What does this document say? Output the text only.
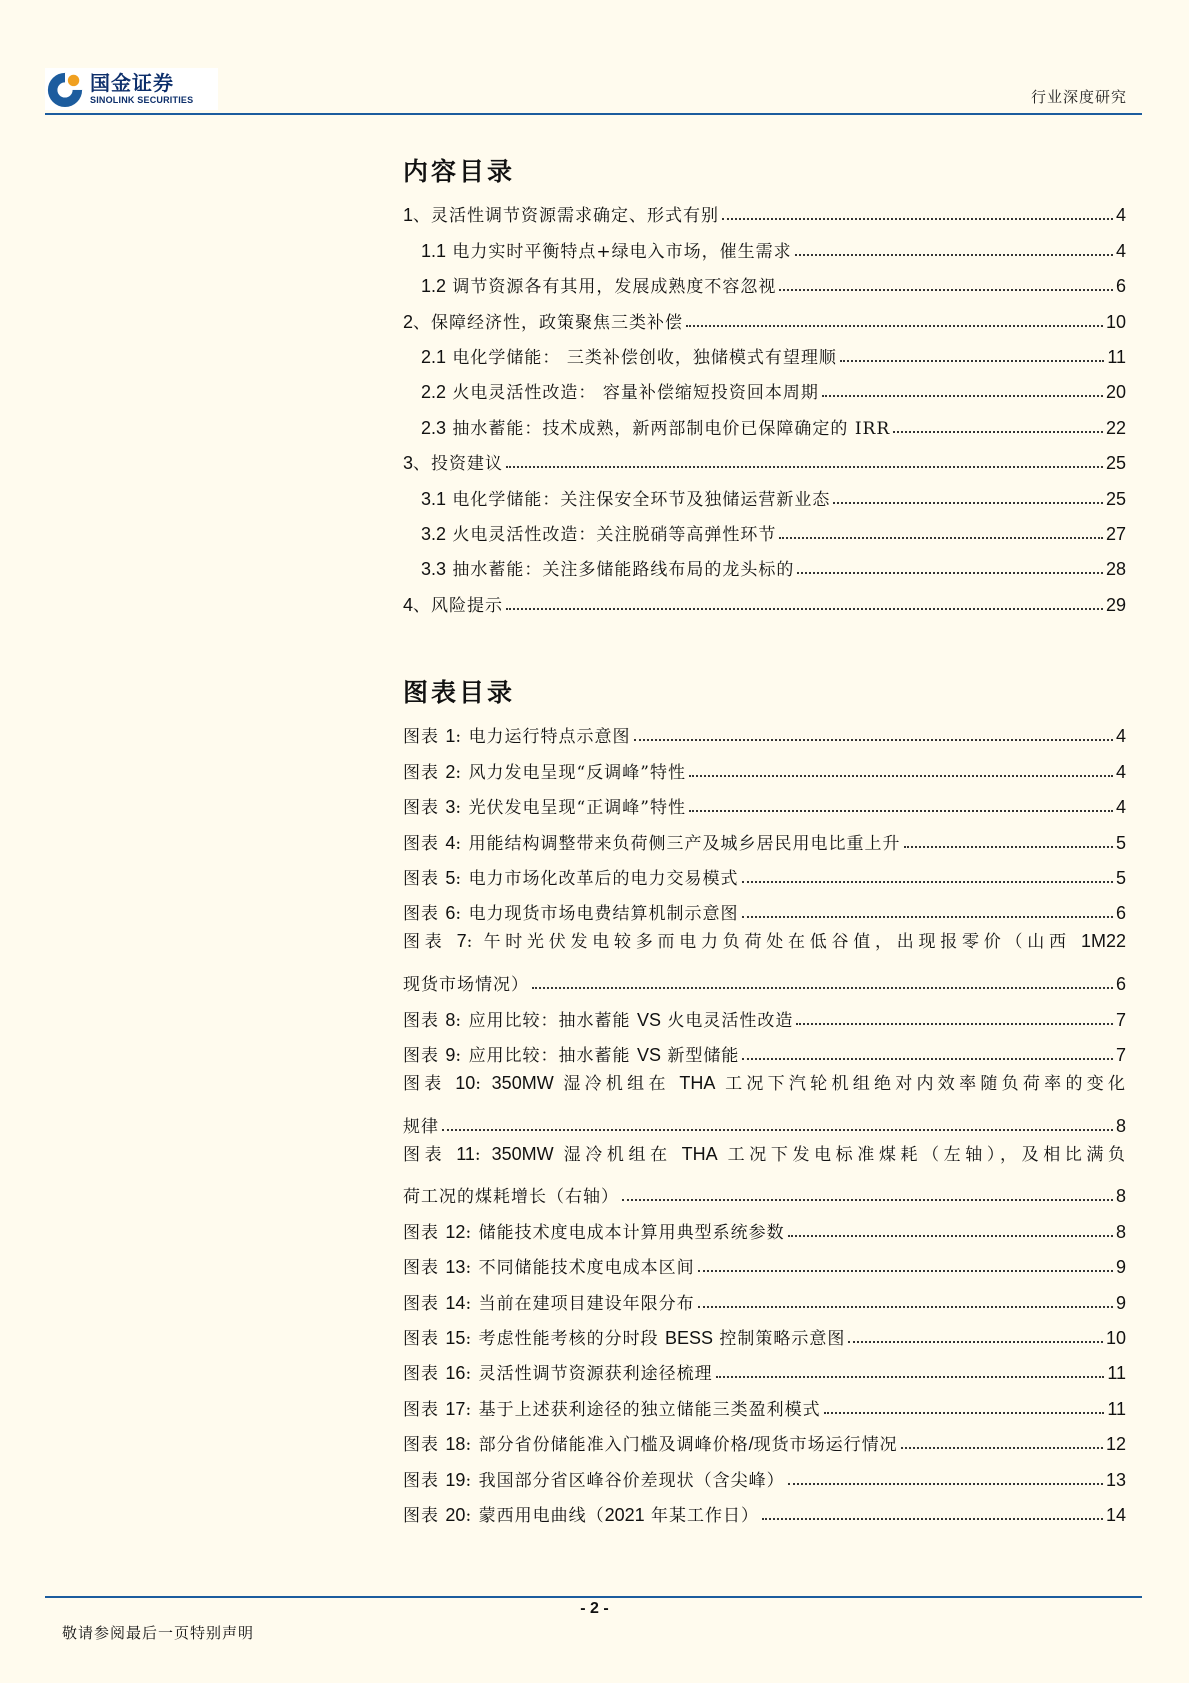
国金证券
SINOLINK SECURITIES	行业深度研究
内容目录
1、灵活性调节资源需求确定、形式有别	4
1.1 电力实时平衡特点+绿电入市场，催生需求	4
1.2 调节资源各有其用，发展成熟度不容忽视	6
2、保障经济性，政策聚焦三类补偿	10
2.1 电化学储能： 三类补偿创收，独储模式有望理顺	11
2.2 火电灵活性改造： 容量补偿缩短投资回本周期	20
2.3 抽水蓄能：技术成熟，新两部制电价已保障确定的 IRR	22
3、投资建议	25
3.1 电化学储能：关注保安全环节及独储运营新业态	25
3.2 火电灵活性改造：关注脱硝等高弹性环节	27
3.3 抽水蓄能：关注多储能路线布局的龙头标的	28
4、风险提示	29
图表目录
图表 1: 电力运行特点示意图	4
图表 2: 风力发电呈现“反调峰”特性	4
图表 3: 光伏发电呈现“正调峰”特性	4
图表 4: 用能结构调整带来负荷侧三产及城乡居民用电比重上升	5
图表 5: 电力市场化改革后的电力交易模式	5
图表 6: 电力现货市场电费结算机制示意图	6
图表 7: 午时光伏发电较多而电力负荷处在低谷值，出现报零价（山西 1M22
现货市场情况）	6
图表 8: 应用比较：抽水蓄能 VS 火电灵活性改造	7
图表 9: 应用比较：抽水蓄能 VS 新型储能	7
图表 10: 350MW 湿冷机组在 THA 工况下汽轮机组绝对内效率随负荷率的变化
规律	8
图表 11: 350MW 湿冷机组在 THA 工况下发电标准煤耗（左轴），及相比满负
荷工况的煤耗增长（右轴）	8
图表 12: 储能技术度电成本计算用典型系统参数	8
图表 13: 不同储能技术度电成本区间	9
图表 14: 当前在建项目建设年限分布	9
图表 15: 考虑性能考核的分时段 BESS 控制策略示意图	10
图表 16: 灵活性调节资源获利途径梳理	11
图表 17: 基于上述获利途径的独立储能三类盈利模式	11
图表 18: 部分省份储能准入门槛及调峰价格/现货市场运行情况	12
图表 19: 我国部分省区峰谷价差现状（含尖峰）	13
图表 20: 蒙西用电曲线（2021 年某工作日）	14
- 2 -
敬请参阅最后一页特别声明
